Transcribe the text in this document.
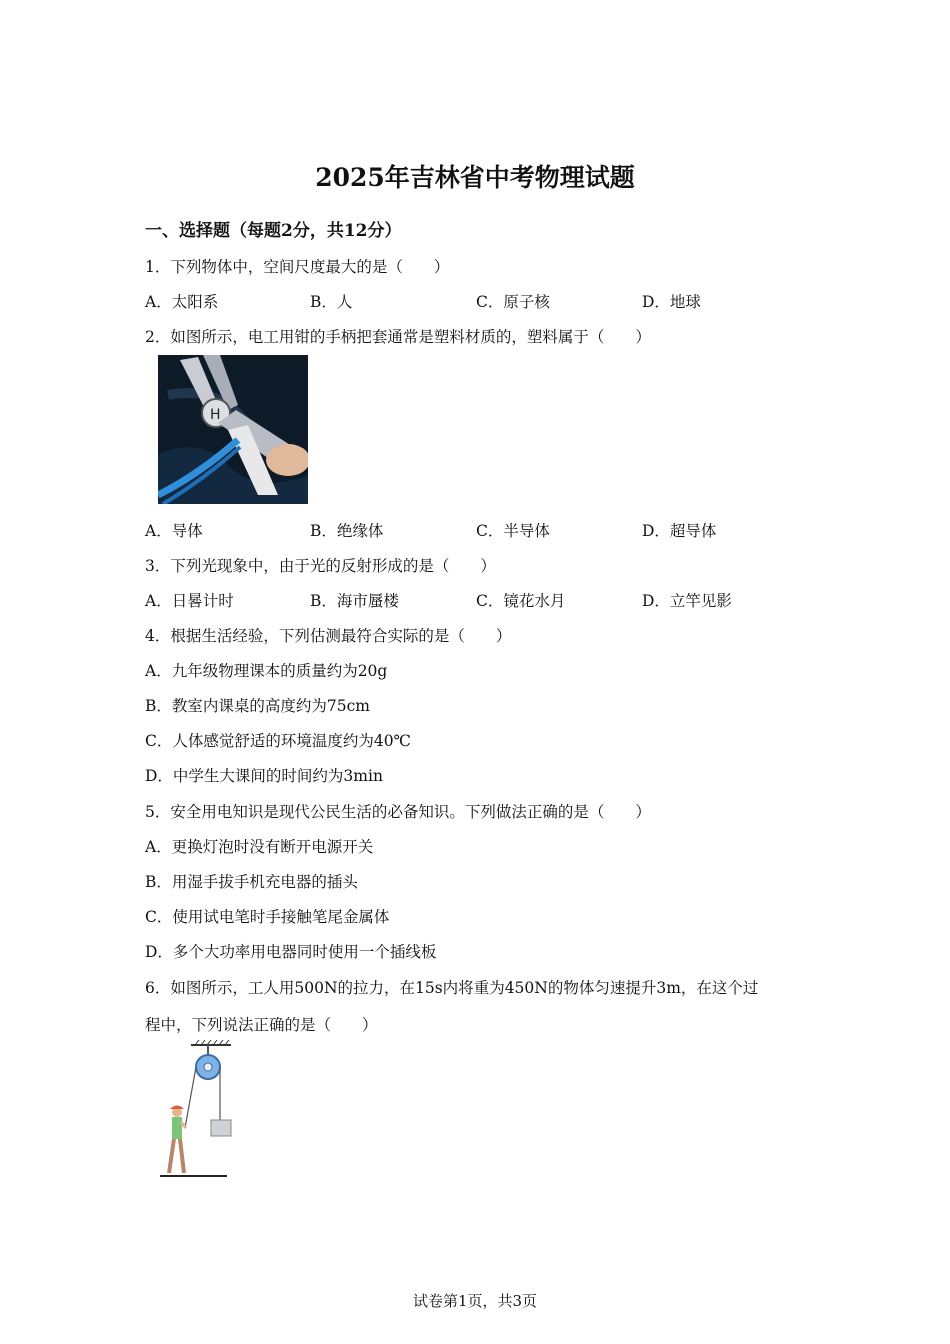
2025年吉林省中考物理试题
一、选择题（每题2分，共12分）
1．下列物体中，空间尺度最大的是（　　）
A．太阳系	B．人	C．原子核	D．地球
2．如图所示，电工用钳的手柄把套通常是塑料材质的，塑料属于（　　）
H
A．导体	B．绝缘体	C．半导体	D．超导体
3．下列光现象中，由于光的反射形成的是（　　）
A．日晷计时	B．海市蜃楼	C．镜花水月	D．立竿见影
4．根据生活经验，下列估测最符合实际的是（　　）
A．九年级物理课本的质量约为20g
B．教室内课桌的高度约为75cm
C．人体感觉舒适的环境温度约为40℃
D．中学生大课间的时间约为3min
5．安全用电知识是现代公民生活的必备知识。下列做法正确的是（　　）
A．更换灯泡时没有断开电源开关
B．用湿手拔手机充电器的插头
C．使用试电笔时手接触笔尾金属体
D．多个大功率用电器同时使用一个插线板
6．如图所示，工人用500N的拉力，在15s内将重为450N的物体匀速提升3m，在这个过
程中，下列说法正确的是（　　）
试卷第1页，共3页
